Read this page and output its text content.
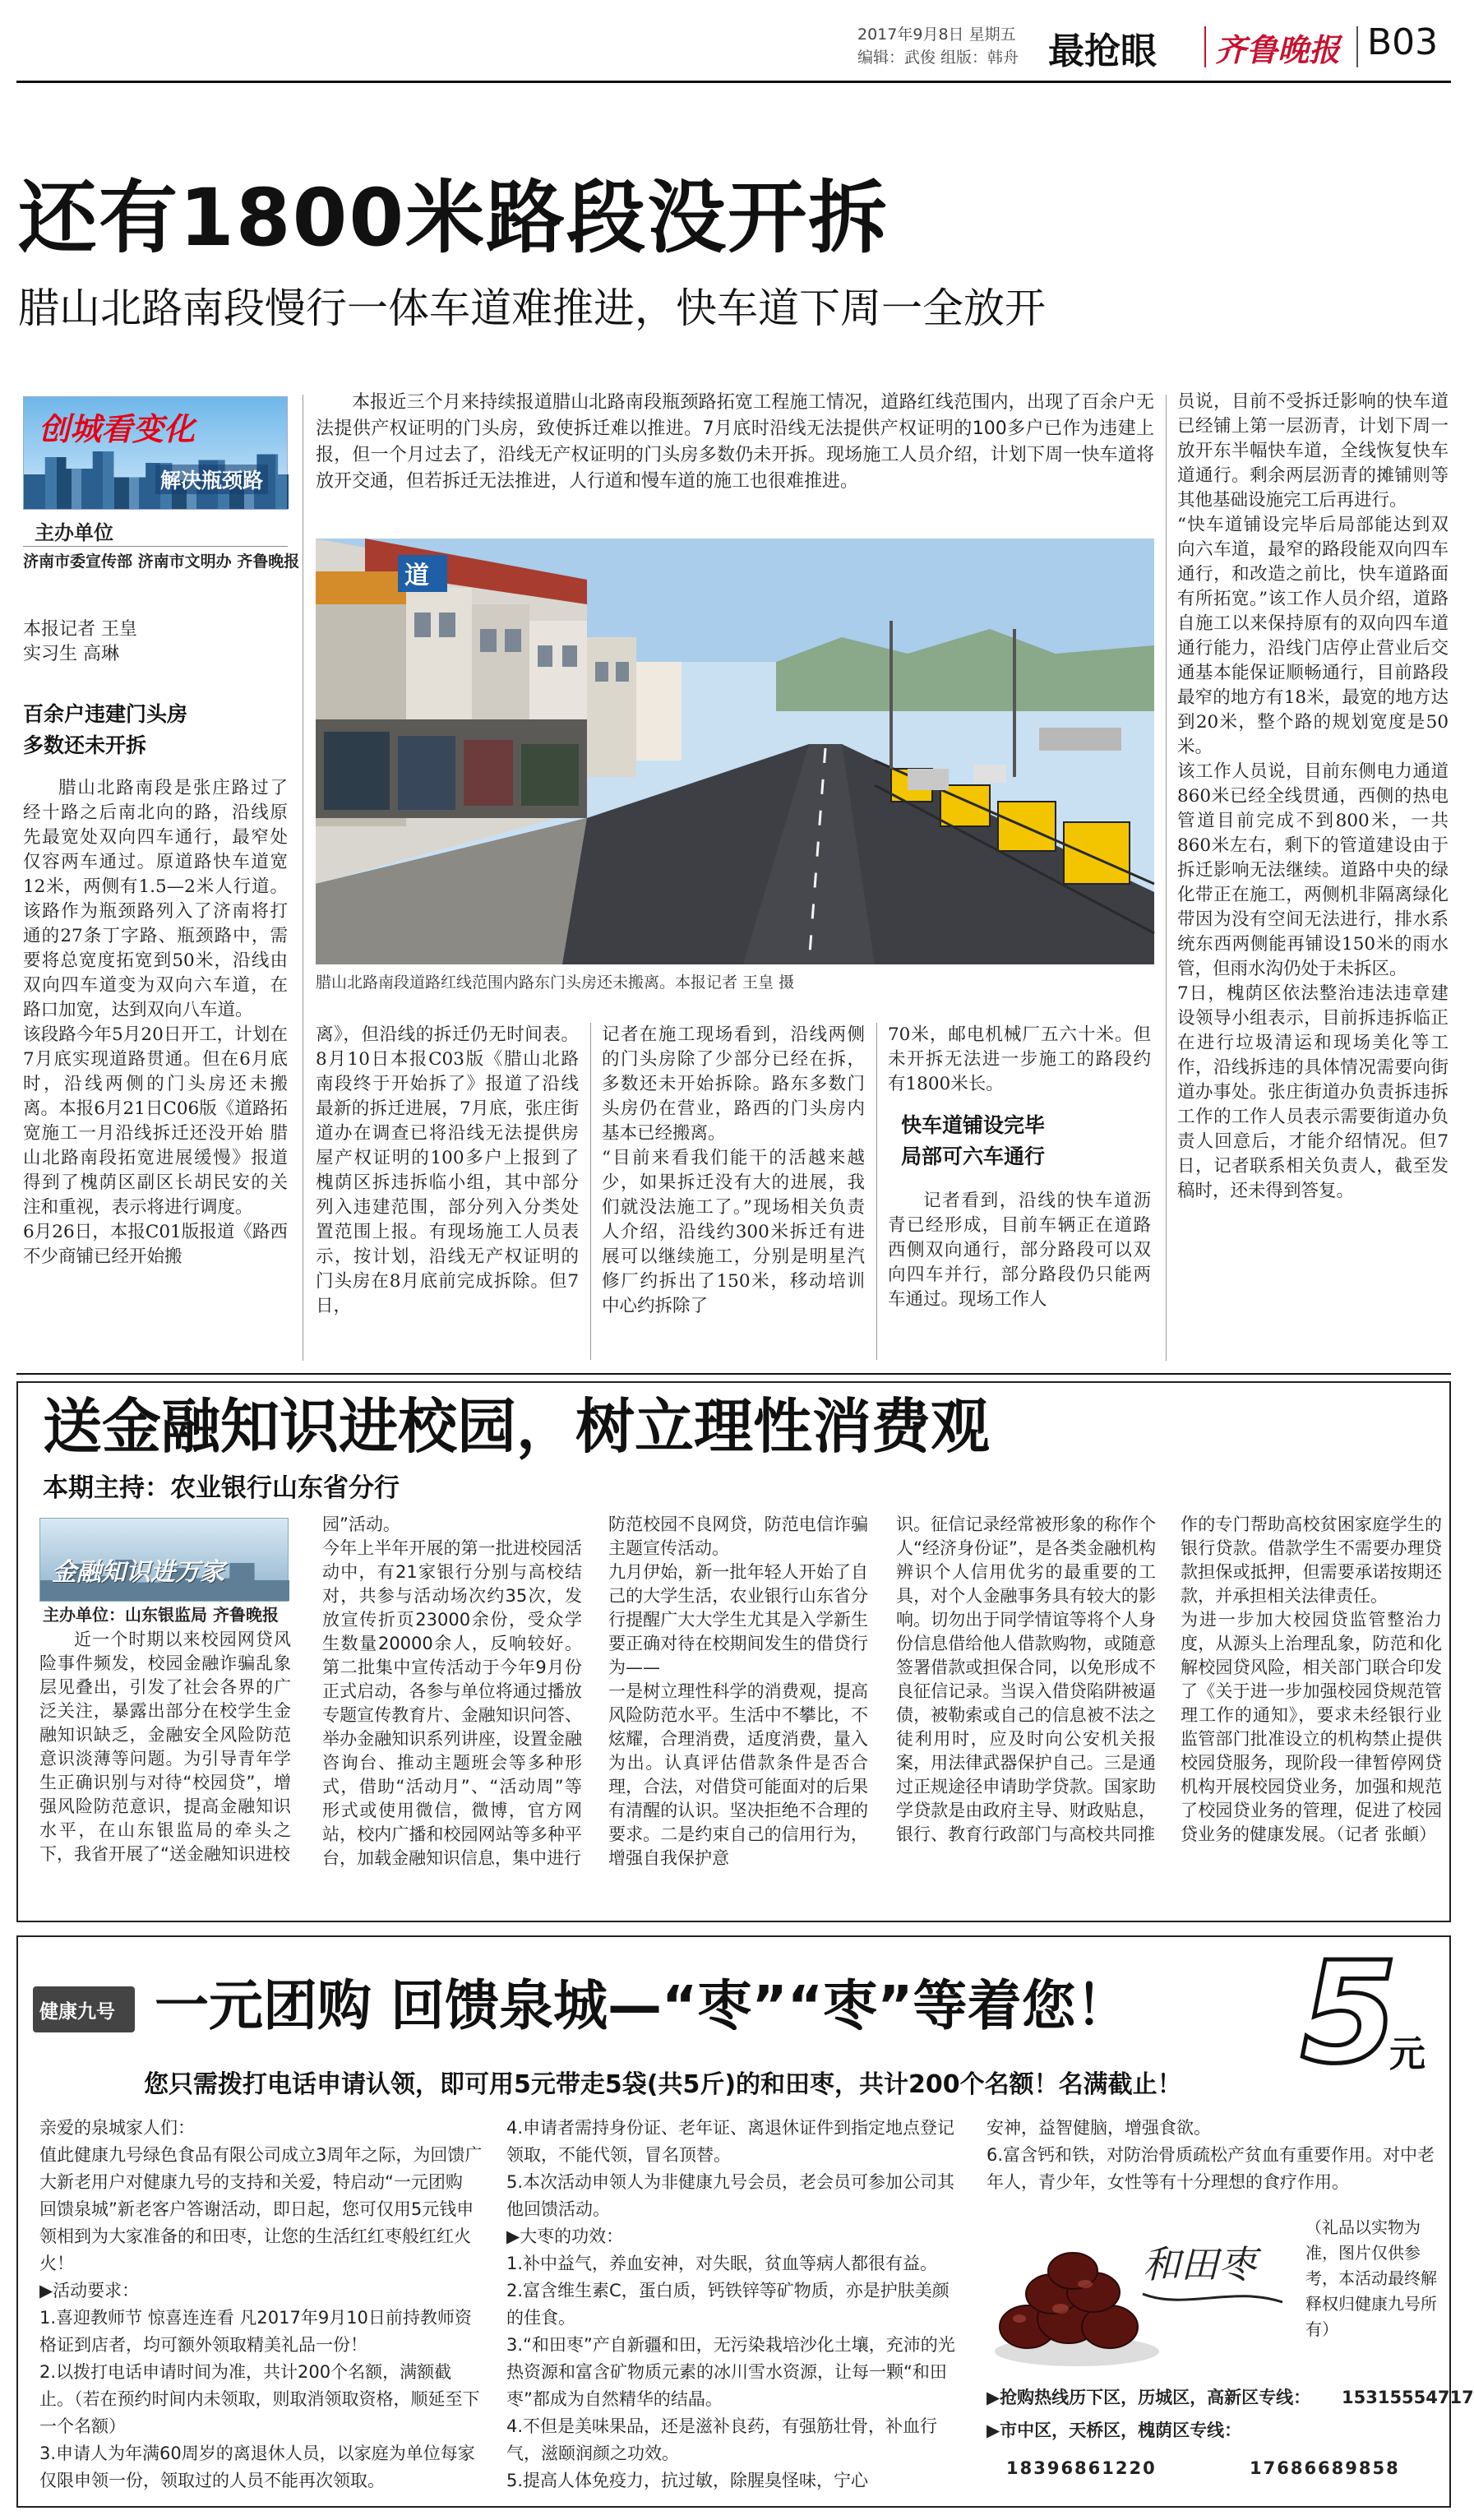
2017年9月8日 星期五
编辑：武俊 组版：韩舟 最抢眼 齐鲁晚报 B03
还有1800米路段没开拆
腊山北路南段慢行一体车道难推进，快车道下周一全放开
创城看变化
解决瓶颈路
主办单位
济南市委宣传部 济南市文明办 齐鲁晚报
本报记者 王皇
实习生 高琳
百余户违建门头房
多数还未开拆

腊山北路南段是张庄路过了经十路之后南北向的路，沿线原先最宽处双向四车通行，最窄处仅容两车通过。原道路快车道宽12米，两侧有1.5—2米人行道。该路作为瓶颈路列入了济南将打通的27条丁字路、瓶颈路中，需要将总宽度拓宽到50米，沿线由双向四车道变为双向六车道，在路口加宽，达到双向八车道。
该段路今年5月20日开工，计划在7月底实现道路贯通。但在6月底时，沿线两侧的门头房还未搬离。本报6月21日C06版《道路拓宽施工一月沿线拆迁还没开始 腊山北路南段拓宽进展缓慢》报道得到了槐荫区副区长胡民安的关注和重视，表示将进行调度。
6月26日，本报C01版报道《路西不少商铺已经开始搬

本报近三个月来持续报道腊山北路南段瓶颈路拓宽工程施工情况，道路红线范围内，出现了百余户无法提供产权证明的门头房，致使拆迁难以推进。7月底时沿线无法提供产权证明的100多户已作为违建上报，但一个月过去了，沿线无产权证明的门头房多数仍未开拆。现场施工人员介绍，计划下周一快车道将放开交通，但若拆迁无法推进，人行道和慢车道的施工也很难推进。

道
腊山北路南段道路红线范围内路东门头房还未搬离。本报记者 王皇 摄

离》，但沿线的拆迁仍无时间表。8月10日本报C03版《腊山北路南段终于开始拆了》报道了沿线最新的拆迁进展，7月底，张庄街道办在调查已将沿线无法提供房屋产权证明的100多户上报到了槐荫区拆违拆临小组，其中部分列入违建范围，部分列入分类处置范围上报。有现场施工人员表示，按计划，沿线无产权证明的门头房在8月底前完成拆除。但7日，

记者在施工现场看到，沿线两侧的门头房除了少部分已经在拆，多数还未开始拆除。路东多数门头房仍在营业，路西的门头房内基本已经搬离。
“目前来看我们能干的活越来越少，如果拆迁没有大的进展，我们就没法施工了。”现场相关负责人介绍，沿线约300米拆迁有进展可以继续施工，分别是明星汽修厂约拆出了150米，移动培训中心约拆除了

70米，邮电机械厂五六十米。但未开拆无法进一步施工的路段约有1800米长。

快车道铺设完毕
局部可六车通行

记者看到，沿线的快车道沥青已经形成，目前车辆正在道路西侧双向通行，部分路段可以双向四车并行，部分路段仍只能两车通过。现场工作人

员说，目前不受拆迁影响的快车道已经铺上第一层沥青，计划下周一放开东半幅快车道，全线恢复快车道通行。剩余两层沥青的摊铺则等其他基础设施完工后再进行。
“快车道铺设完毕后局部能达到双向六车道，最窄的路段能双向四车通行，和改造之前比，快车道路面有所拓宽。”该工作人员介绍，道路自施工以来保持原有的双向四车道通行能力，沿线门店停止营业后交通基本能保证顺畅通行，目前路段最窄的地方有18米，最宽的地方达到20米，整个路的规划宽度是50米。
该工作人员说，目前东侧电力通道860米已经全线贯通，西侧的热电管道目前完成不到800米，一共860米左右，剩下的管道建设由于拆迁影响无法继续。道路中央的绿化带正在施工，两侧机非隔离绿化带因为没有空间无法进行，排水系统东西两侧能再铺设150米的雨水管，但雨水沟仍处于未拆区。
7日，槐荫区依法整治违法违章建设领导小组表示，目前拆违拆临正在进行垃圾清运和现场美化等工作，沿线拆违的具体情况需要向街道办事处。张庄街道办负责拆违拆工作的工作人员表示需要街道办负责人回意后，才能介绍情况。但7日，记者联系相关负责人，截至发稿时，还未得到答复。

送金融知识进校园，树立理性消费观
本期主持：农业银行山东省分行
金融知识进万家
主办单位：山东银监局 齐鲁晚报

近一个时期以来校园网贷风险事件频发，校园金融诈骗乱象层见叠出，引发了社会各界的广泛关注，暴露出部分在校学生金融知识缺乏，金融安全风险防范意识淡薄等问题。为引导青年学生正确识别与对待“校园贷”，增强风险防范意识，提高金融知识水平，在山东银监局的牵头之下，我省开展了“送金融知识进校

园”活动。
今年上半年开展的第一批进校园活动中，有21家银行分别与高校结对，共参与活动场次约35次，发放宣传折页23000余份，受众学生数量20000余人，反响较好。第二批集中宣传活动于今年9月份正式启动，各参与单位将通过播放专题宣传教育片、金融知识问答、举办金融知识系列讲座，设置金融咨询台、推动主题班会等多种形式，借助“活动月”、“活动周”等形式或使用微信，微博，官方网站，校内广播和校园网站等多种平台，加载金融知识信息，集中进行

防范校园不良网贷，防范电信诈骗主题宣传活动。
九月伊始，新一批年轻人开始了自己的大学生活，农业银行山东省分行提醒广大大学生尤其是入学新生要正确对待在校期间发生的借贷行为——
一是树立理性科学的消费观，提高风险防范水平。生活中不攀比，不炫耀，合理消费，适度消费，量入为出。认真评估借款条件是否合理，合法，对借贷可能面对的后果有清醒的认识。坚决拒绝不合理的要求。二是约束自己的信用行为，增强自我保护意

识。征信记录经常被形象的称作个人“经济身份证”，是各类金融机构辨识个人信用优劣的最重要的工具，对个人金融事务具有较大的影响。切勿出于同学情谊等将个人身份信息借给他人借款购物，或随意签署借款或担保合同，以免形成不良征信记录。当误入借贷陷阱被逼债，被勒索或自己的信息被不法之徒利用时，应及时向公安机关报案，用法律武器保护自己。三是通过正规途径申请助学贷款。国家助学贷款是由政府主导、财政贴息，银行、教育行政部门与高校共同推

作的专门帮助高校贫困家庭学生的银行贷款。借款学生不需要办理贷款担保或抵押，但需要承诺按期还款，并承担相关法律责任。
为进一步加大校园贷监管整治力度，从源头上治理乱象，防范和化解校园贷风险，相关部门联合印发了《关于进一步加强校园贷规范管理工作的通知》，要求未经银行业监管部门批准设立的机构禁止提供校园贷服务，现阶段一律暂停网贷机构开展校园贷业务，加强和规范了校园贷业务的管理，促进了校园贷业务的健康发展。（记者 张頔）

健康九号 一元团购 回馈泉城—“枣”“枣”等着您！
您只需拨打电话申请认领，即可用5元带走5袋(共5斤)的和田枣，共计200个名额！名满截止！ 5
元

亲爱的泉城家人们：
值此健康九号绿色食品有限公司成立3周年之际，为回馈广大新老用户对健康九号的支持和关爱，特启动“一元团购 回馈泉城”新老客户答谢活动，即日起，您可仅用5元钱申领相到为大家准备的和田枣，让您的生活红红枣般红红火火！
▶活动要求：
1.喜迎教师节 惊喜连连看 凡2017年9月10日前持教师资格证到店者，均可额外领取精美礼品一份！
2.以拨打电话申请时间为准，共计200个名额，满额截止。（若在预约时间内未领取，则取消领取资格，顺延至下一个名额）
3.申请人为年满60周岁的离退休人员，以家庭为单位每家仅限申领一份，领取过的人员不能再次领取。

4.申请者需持身份证、老年证、离退休证件到指定地点登记领取，不能代领，冒名顶替。
5.本次活动申领人为非健康九号会员，老会员可参加公司其他回馈活动。
▶大枣的功效：
1.补中益气，养血安神，对失眠，贫血等病人都很有益。
2.富含维生素C，蛋白质，钙铁锌等矿物质，亦是护肤美颜的佳食。
3.“和田枣”产自新疆和田，无污染栽培沙化土壤，充沛的光热资源和富含矿物质元素的冰川雪水资源，让每一颗“和田枣”都成为自然精华的结晶。
4.不但是美味果品，还是滋补良药，有强筋壮骨，补血行气，滋颐润颜之功效。
5.提高人体免疫力，抗过敏，除腥臭怪味，宁心

安神，益智健脑，增强食欲。
6.富含钙和铁，对防治骨质疏松产贫血有重要作用。对中老年人，青少年，女性等有十分理想的食疗作用。

和田枣

（礼品以实物为准，图片仅供参考，本活动最终解释权归健康九号所有）

▶抢购热线历下区，历城区，高新区专线： 15315554717
▶市中区，天桥区，槐荫区专线：
18396861220	17686689858
